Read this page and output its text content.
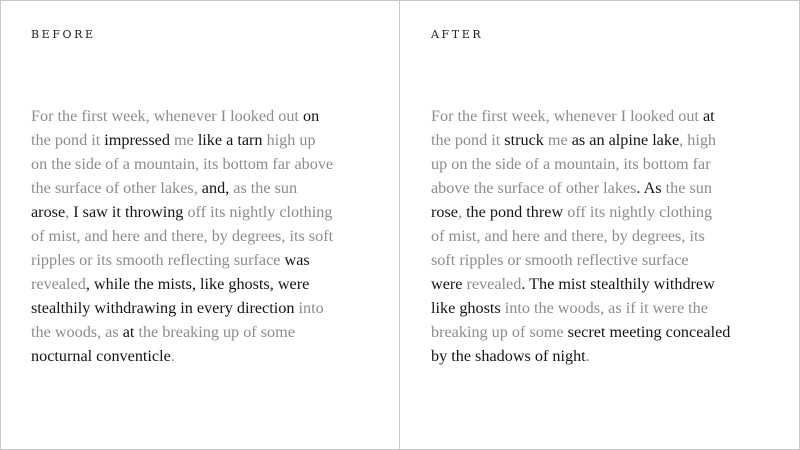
BEFORE

For the first week, whenever I looked out on
the pond it impressed me like a tarn high up
on the side of a mountain, its bottom far above
the surface of other lakes, and, as the sun
arose, I saw it throwing off its nightly clothing
of mist, and here and there, by degrees, its soft
ripples or its smooth reflecting surface was
revealed, while the mists, like ghosts, were
stealthily withdrawing in every direction into
the woods, as at the breaking up of some
nocturnal conventicle.

AFTER

For the first week, whenever I looked out at
the pond it struck me as an alpine lake, high
up on the side of a mountain, its bottom far
above the surface of other lakes. As the sun
rose, the pond threw off its nightly clothing
of mist, and here and there, by degrees, its
soft ripples or smooth reflective surface
were revealed. The mist stealthily withdrew
like ghosts into the woods, as if it were the
breaking up of some secret meeting concealed
by the shadows of night.
